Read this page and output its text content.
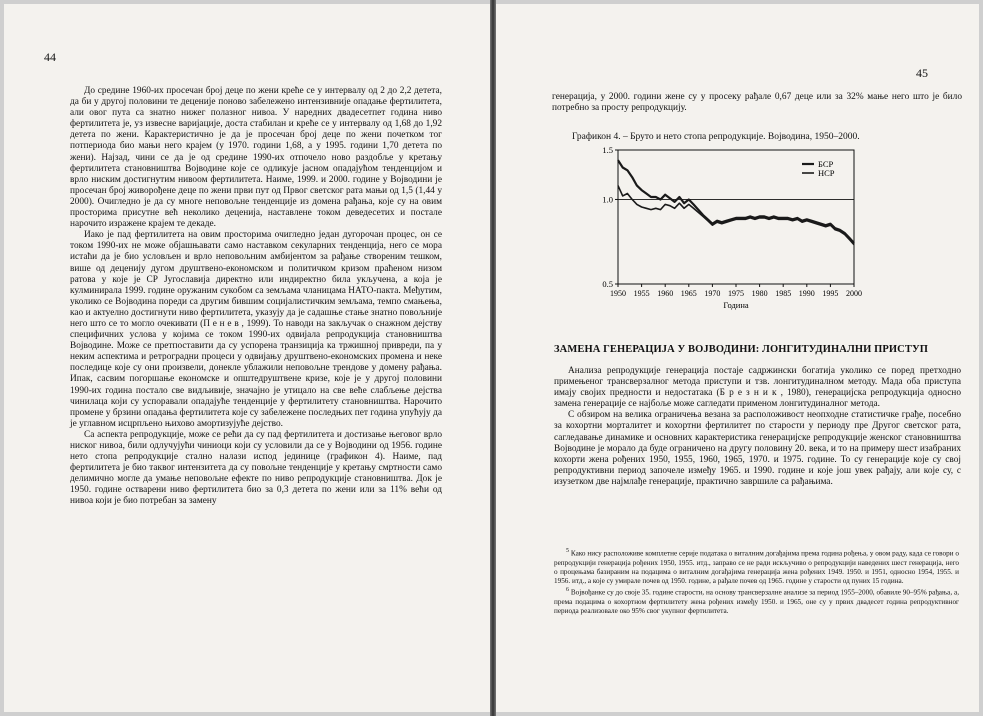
44

До средине 1960-их просечан број деце по жени креће се у интервалу од 2 до 2,2 детета, да би у другој половини те деценије поново забележено интензивније опадање фертилитета, али овог пута са знатно нижег полазног нивоа. У наредних двадесетпет година ниво фертилитета је, уз извесне варијације, доста стабилан и креће се у интервалу од 1,68 до 1,92 детета по жени. Карактеристично је да је просечан број деце по жени почетком тог потпериода био мањи него крајем (у 1970. години 1,68, а у 1995. години 1,70 детета по жени). Најзад, чини се да је од средине 1990-их отпочело ново раздобље у кретању фертилитета становништва Војводине које се одликује јасном опадајућом тенденцијом и врло ниским достигнутим нивоом фертилитета. Наиме, 1999. и 2000. године у Војводини је просечан број живорођене деце по жени први пут од Првог светског рата мањи од 1,5 (1,44 у 2000). Очигледно је да су многе неповољне тенденције из домена рађања, које су на овим просторима присутне већ неколико деценија, наставлене током деведесетих и постале нарочито изражене крајем те декаде.

Иако је пад фертилитета на овим просторима очигледно један дугорочан процес, он се током 1990-их не може објашњавати само наставком секуларних тенденција, него се мора истаћи да је био условљен и врло неповољним амбијентом за рађање створеним тешком, више од деценију дугом друштвено-економском и политичком кризом праћеном низом ратова у које је СР Југославија директно или индиректно била укључена, а која је кулминирала 1999. године оружаним сукобом са земљама чланицама НАТО-пакта. Међутим, уколико се Војводина пореди са другим бившим социјалистичким земљама, темпо смањења, као и актуелно достигнути ниво фертилитета, указују да је садашње стање знатно повољније него што се то могло очекивати (П е н е в , 1999). То наводи на закључак о снажном дејству специфичних услова у којима се током 1990-их одвијала репродукција становништва Војводине. Може се претпоставити да су успорена транзиција ка тржишној привреди, па у неким аспектима и ретроградни процеси у одвијању друштвено-економских промена и неке последице које су они произвели, донекле ублажили неповољне трендове у домену рађања. Ипак, сасвим погоршање економске и општедруштвене кризе, које је у другој половини 1990-их година постало све видљивије, значајно је утицало на све веће слабљење дејства чинилаца који су успоравали опадајуће тенденције у фертилитету становништва. Нарочито промене у брзини опадања фертилитета које су забележене последњих пет година упућују да је углавном исцрпљено њихово амортизујуће дејство.

Са аспекта репродукције, може се рећи да су пад фертилитета и достизање његовог врло ниског нивоа, били одлучујући чиниоци који су условили да се у Војводини од 1956. године нето стопа репродукције стално налази испод јединице (графикон 4). Наиме, пад фертилитета је био таквог интензитета да су повољне тенденције у кретању смртности само делимично могле да умање неповољне ефекте по ниво репродукције становништва. Док је 1950. године остварени ниво фертилитета био за 0,3 детета по жени или за 11% већи од нивоа који је био потребан за замену

45

генерација, у 2000. години жене су у просеку рађале 0,67 деце или за 32% мање него што је било потребно за просту репродукцију.

Графикон 4. – Бруто и нето стопа репродукције. Војводина, 1950–2000.
0.5
1.0
1.5
1950 1955 1960 1965 1970 1975 1980 1985 1990 1995 2000
Година
БСР
НСР
ЗАМЕНА ГЕНЕРАЦИЈА У ВОЈВОДИНИ: ЛОНГИТУДИНАЛНИ ПРИСТУП

Анализа репродукције генерација постаје садржински богатија уколико се поред претходно примењеног трансверзалног метода приступи и тзв. лонгитудиналном методу. Мада оба приступа имају својих предности и недостатака (Б р е з н и к , 1980), генерацијска репродукција односно замена генерације се најбоље може сагледати применом лонгитудиналног метода.

С обзиром на велика ограничења везана за расположивост неопходне статистичке грађе, посебно за кохортни морталитет и кохортни фертилитет по старости у периоду пре Другог светског рата, сагледавање динамике и основних карактеристика генерацијске репродукције женског становништва Војводине је морало да буде ограничено на другу половину 20. века, и то на примеру шест изабраних кохорти жена рођених 1950, 1955, 1960, 1965, 1970. и 1975. године. То су генерације које су свој репродуктивни период започеле између 1965. и 1990. године и које још увек рађају, али које су, с изузетком две најмлађе генерације, практично завршиле са рађањима.

$^5$ Како нису расположиве комплетне серије података о виталним догађајима према година рођења, у овом раду, када се говори о репродукцији генерација рођених 1950, 1955. итд., заправо се не ради искључиво о репродукцији наведених шест генерација, него о процењама базираним на подацима о виталним догађајима генерација жена рођених 1949. 1950. и 1951, односно 1954, 1955. и 1956. итд., а које су умирале почев од 1950. године, а рађале почев од 1965. године у старости од пуних 15 година.

$^6$ Војвођанке су до своје 35. године старости, на основу трансверзалне анализе за период 1955–2000, обавиле 90–95% рађања, а, према подацима о кохортном фертилитету жена рођених између 1950. и 1965, оне су у првих двадесет година репродуктивног периода реализовале око 95% свог укупног фертилитета.
